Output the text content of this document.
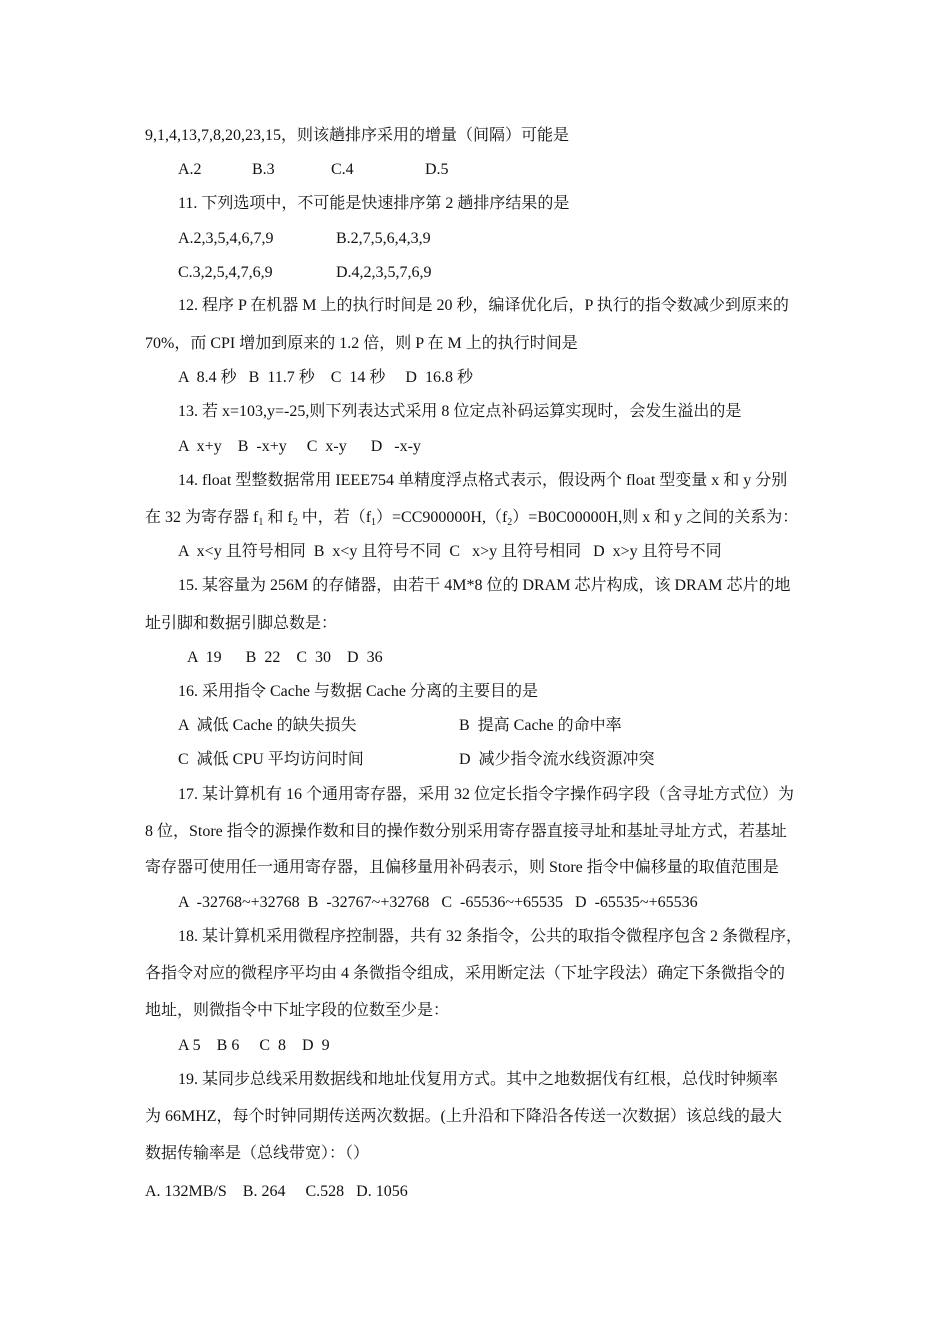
9,1,4,13,7,8,20,23,15，则该趟排序采用的增量（间隔）可能是
A.2	B.3	C.4	D.5
11. 下列选项中，不可能是快速排序第 2 趟排序结果的是
A.2,3,5,4,6,7,9	B.2,7,5,6,4,3,9
C.3,2,5,4,7,6,9	D.4,2,3,5,7,6,9
12. 程序 P 在机器 M 上的执行时间是 20 秒，编译优化后，P 执行的指令数减少到原来的
70%，而 CPI 增加到原来的 1.2 倍，则 P 在 M 上的执行时间是
A  8.4 秒   B  11.7 秒    C  14 秒     D  16.8 秒
13. 若 x=103,y=-25,则下列表达式采用 8 位定点补码运算实现时，会发生溢出的是
A  x+y    B  -x+y     C  x-y      D   -x-y
14. float 型整数据常用 IEEE754 单精度浮点格式表示，假设两个 float 型变量 x 和 y 分别
在 32 为寄存器 $f_1$ 和 $f_2$ 中，若$(f_1)=CC900000H,(f_2)=B0C00000H$,则 x 和 y 之间的关系为：
A  x<y 且符号相同  B  x<y 且符号不同  C   x>y 且符号相同   D  x>y 且符号不同
15. 某容量为 256M 的存储器，由若干 4M*8 位的 DRAM 芯片构成，该 DRAM 芯片的地
址引脚和数据引脚总数是：
A  19      B  22    C  30    D  36
16. 采用指令 Cache 与数据 Cache 分离的主要目的是
A  减低 Cache 的缺失损失	B  提高 Cache 的命中率
C  减低 CPU 平均访问时间	D  减少指令流水线资源冲突
17. 某计算机有 16 个通用寄存器，采用 32 位定长指令字操作码字段（含寻址方式位）为
8 位，Store 指令的源操作数和目的操作数分别采用寄存器直接寻址和基址寻址方式，若基址
寄存器可使用任一通用寄存器，且偏移量用补码表示，则 Store 指令中偏移量的取值范围是
A  -32768~+32768  B  -32767~+32768   C  -65536~+65535   D  -65535~+65536
18. 某计算机采用微程序控制器，共有 32 条指令，公共的取指令微程序包含 2 条微程序，
各指令对应的微程序平均由 4 条微指令组成，采用断定法（下址字段法）确定下条微指令的
地址，则微指令中下址字段的位数至少是：
A 5    B 6     C  8    D  9
19. 某同步总线采用数据线和地址伐复用方式。其中之地数据伐有红根，总伐时钟频率
为 66MHZ，每个时钟同期传送两次数据。(上升沿和下降沿各传送一次数据）该总线的最大
数据传输率是（总线带宽）：（）
A. 132MB/S    B. 264     C.528   D. 1056
